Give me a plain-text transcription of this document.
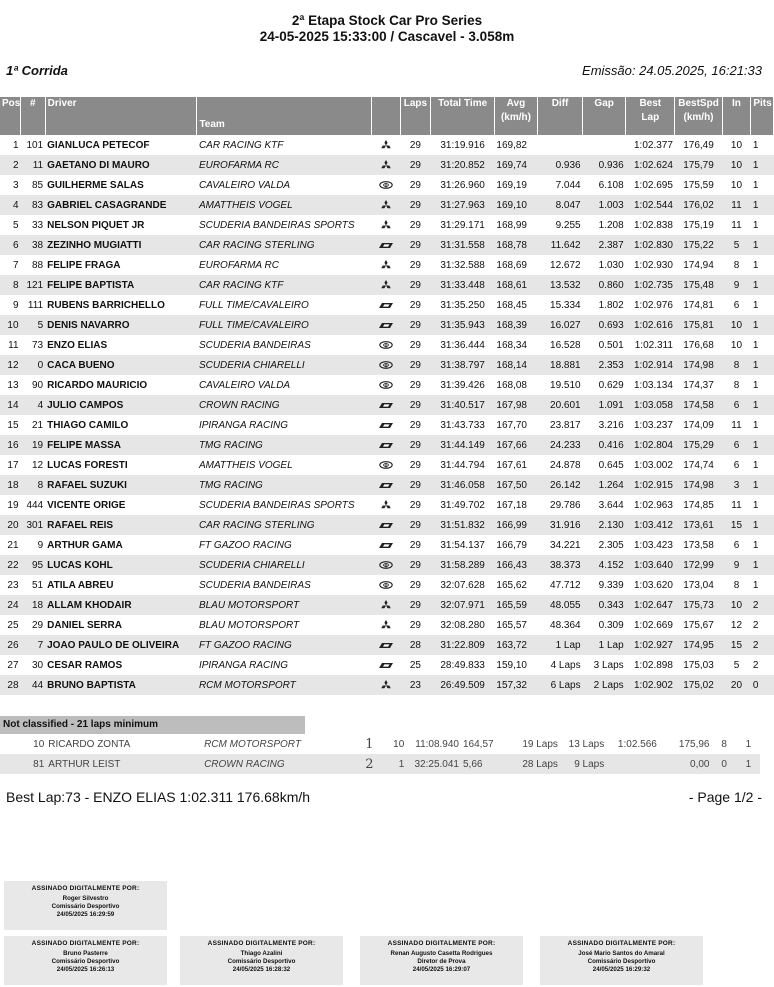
2ª Etapa Stock Car Pro Series
24-05-2025 15:33:00 / Cascavel - 3.058m
1ª Corrida	Emissão: 24.05.2025, 16:21:33
Pos	#	Driver	Team		Laps	Total Time	Avg
(km/h)	Diff	Gap	Best
Lap	BestSpd
(km/h)	In	Pits
1	101	GIANLUCA PETECOF	CAR RACING KTF		29	31:19.916	169,82			1:02.377	176,49	10	1
2	11	GAETANO DI MAURO	EUROFARMA RC		29	31:20.852	169,74	0.936	0.936	1:02.624	175,79	10	1
3	85	GUILHERME SALAS	CAVALEIRO VALDA		29	31:26.960	169,19	7.044	6.108	1:02.695	175,59	10	1
4	83	GABRIEL CASAGRANDE	AMATTHEIS VOGEL		29	31:27.963	169,10	8.047	1.003	1:02.544	176,02	11	1
5	33	NELSON PIQUET JR	SCUDERIA BANDEIRAS SPORTS		29	31:29.171	168,99	9.255	1.208	1:02.838	175,19	11	1
6	38	ZEZINHO MUGIATTI	CAR RACING STERLING		29	31:31.558	168,78	11.642	2.387	1:02.830	175,22	5	1
7	88	FELIPE FRAGA	EUROFARMA RC		29	31:32.588	168,69	12.672	1.030	1:02.930	174,94	8	1
8	121	FELIPE BAPTISTA	CAR RACING KTF		29	31:33.448	168,61	13.532	0.860	1:02.735	175,48	9	1
9	111	RUBENS BARRICHELLO	FULL TIME/CAVALEIRO		29	31:35.250	168,45	15.334	1.802	1:02.976	174,81	6	1
10	5	DENIS NAVARRO	FULL TIME/CAVALEIRO		29	31:35.943	168,39	16.027	0.693	1:02.616	175,81	10	1
11	73	ENZO ELIAS	SCUDERIA BANDEIRAS		29	31:36.444	168,34	16.528	0.501	1:02.311	176,68	10	1
12	0	CACA BUENO	SCUDERIA CHIARELLI		29	31:38.797	168,14	18.881	2.353	1:02.914	174,98	8	1
13	90	RICARDO MAURICIO	CAVALEIRO VALDA		29	31:39.426	168,08	19.510	0.629	1:03.134	174,37	8	1
14	4	JULIO CAMPOS	CROWN RACING		29	31:40.517	167,98	20.601	1.091	1:03.058	174,58	6	1
15	21	THIAGO CAMILO	IPIRANGA RACING		29	31:43.733	167,70	23.817	3.216	1:03.237	174,09	11	1
16	19	FELIPE MASSA	TMG RACING		29	31:44.149	167,66	24.233	0.416	1:02.804	175,29	6	1
17	12	LUCAS FORESTI	AMATTHEIS VOGEL		29	31:44.794	167,61	24.878	0.645	1:03.002	174,74	6	1
18	8	RAFAEL SUZUKI	TMG RACING		29	31:46.058	167,50	26.142	1.264	1:02.915	174,98	3	1
19	444	VICENTE ORIGE	SCUDERIA BANDEIRAS SPORTS		29	31:49.702	167,18	29.786	3.644	1:02.963	174,85	11	1
20	301	RAFAEL REIS	CAR RACING STERLING		29	31:51.832	166,99	31.916	2.130	1:03.412	173,61	15	1
21	9	ARTHUR GAMA	FT GAZOO RACING		29	31:54.137	166,79	34.221	2.305	1:03.423	173,58	6	1
22	95	LUCAS KOHL	SCUDERIA CHIARELLI		29	31:58.289	166,43	38.373	4.152	1:03.640	172,99	9	1
23	51	ATILA ABREU	SCUDERIA BANDEIRAS		29	32:07.628	165,62	47.712	9.339	1:03.620	173,04	8	1
24	18	ALLAM KHODAIR	BLAU MOTORSPORT		29	32:07.971	165,59	48.055	0.343	1:02.647	175,73	10	2
25	29	DANIEL SERRA	BLAU MOTORSPORT		29	32:08.280	165,57	48.364	0.309	1:02.669	175,67	12	2
26	7	JOAO PAULO DE OLIVEIRA	FT GAZOO RACING		28	31:22.809	163,72	1 Lap	1 Lap	1:02.927	174,95	15	2
27	30	CESAR RAMOS	IPIRANGA RACING		25	28:49.833	159,10	4 Laps	3 Laps	1:02.898	175,03	5	2
28	44	BRUNO BAPTISTA	RCM MOTORSPORT		23	26:49.509	157,32	6 Laps	2 Laps	1:02.902	175,02	20	0
Not classified - 21 laps minimum
	10	RICARDO ZONTA	RCM MOTORSPORT	1	10	11:08.940	164,57	19 Laps	13 Laps	1:02.566	175,96	8	1
	81	ARTHUR LEIST	CROWN RACING	2	1	32:25.041	5,66	28 Laps	9 Laps		0,00	0	1
Best Lap:73 - ENZO ELIAS 1:02.311 176.68km/h	- Page 1/2 -
ASSINADO DIGITALMENTE POR:
Roger Silvestro
Comissário Desportivo
24/05/2025 16:29:59
ASSINADO DIGITALMENTE POR:
Bruno Pasterre
Comissário Desportivo
24/05/2025 16:26:13
ASSINADO DIGITALMENTE POR:
Thiago Azalini
Comissário Desportivo
24/05/2025 16:28:32
ASSINADO DIGITALMENTE POR:
Renan Augusto Casetta Rodrigues
Diretor de Prova
24/05/2025 16:29:07
ASSINADO DIGITALMENTE POR:
José Mario Santos do Amaral
Comissário Desportivo
24/05/2025 16:29:32
